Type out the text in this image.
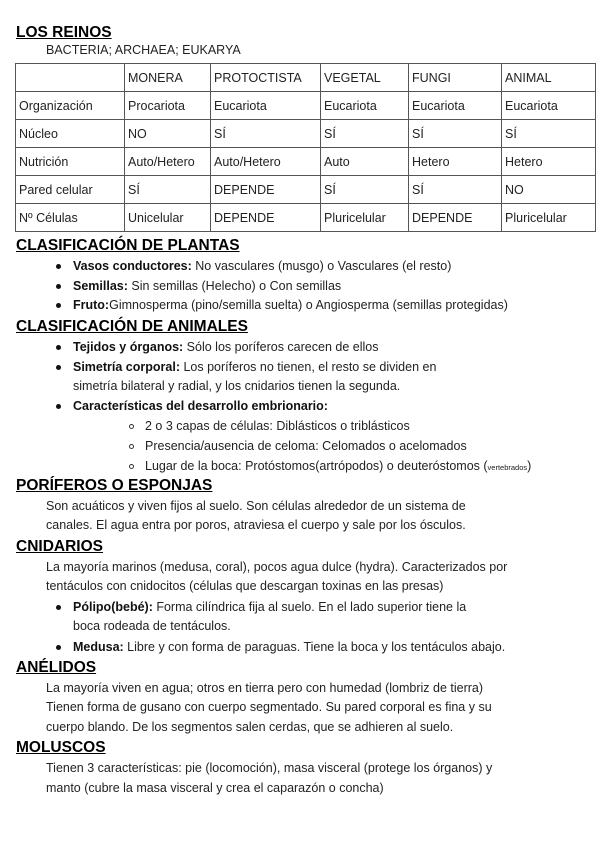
LOS REINOS
BACTERIA; ARCHAEA; EUKARYA
	MONERA	PROTOCTISTA	VEGETAL	FUNGI	ANIMAL
Organización	Procariota	Eucariota	Eucariota	Eucariota	Eucariota
Núcleo	NO	SÍ	SÍ	SÍ	SÍ
Nutrición	Auto/Hetero	Auto/Hetero	Auto	Hetero	Hetero
Pared celular	SÍ	DEPENDE	SÍ	SÍ	NO
Nº Células	Unicelular	DEPENDE	Pluricelular	DEPENDE	Pluricelular
CLASIFICACIÓN DE PLANTAS
Vasos conductores: No vasculares (musgo) o Vasculares (el resto)
Semillas: Sin semillas (Helecho) o Con semillas
Fruto:Gimnosperma (pino/semilla suelta) o Angiosperma (semillas protegidas)
CLASIFICACIÓN DE ANIMALES
Tejidos y órganos: Sólo los poríferos carecen de ellos
Simetría corporal: Los poríferos no tienen, el resto se dividen en
simetría bilateral y radial, y los cnidarios tienen la segunda.
Características del desarrollo embrionario:
2 o 3 capas de células: Diblásticos o triblásticos
Presencia/ausencia de celoma: Celomados o acelomados
Lugar de la boca: Protóstomos(artrópodos) o deuteróstomos (vertebrados)
PORÍFEROS O ESPONJAS
Son acuáticos y viven fijos al suelo. Son células alrededor de un sistema de
canales. El agua entra por poros, atraviesa el cuerpo y sale por los ósculos.
CNIDARIOS
La mayoría marinos (medusa, coral), pocos agua dulce (hydra). Caracterizados por
tentáculos con cnidocitos (células que descargan toxinas en las presas)
Pólipo(bebé): Forma cilíndrica fija al suelo. En el lado superior tiene la
boca rodeada de tentáculos.
Medusa: Libre y con forma de paraguas. Tiene la boca y los tentáculos abajo.
ANÉLIDOS
La mayoría viven en agua; otros en tierra pero con humedad (lombriz de tierra)
Tienen forma de gusano con cuerpo segmentado. Su pared corporal es fina y su
cuerpo blando. De los segmentos salen cerdas, que se adhieren al suelo.
MOLUSCOS
Tienen 3 características: pie (locomoción), masa visceral (protege los órganos) y
manto (cubre la masa visceral y crea el caparazón o concha)
